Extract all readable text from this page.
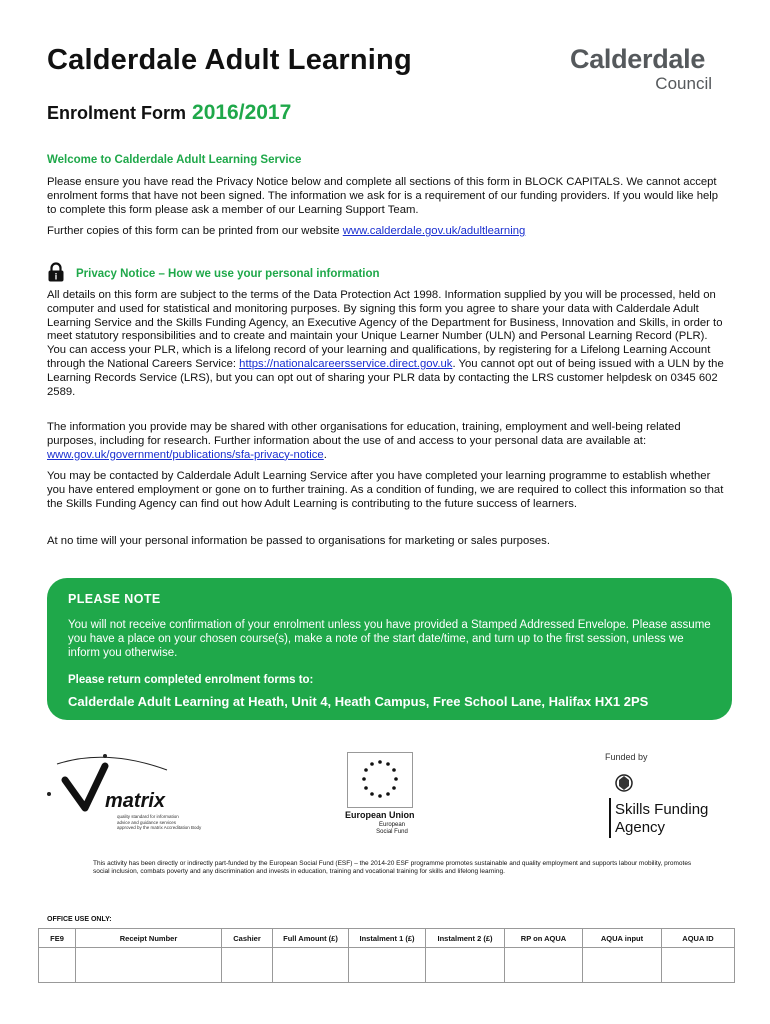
Calderdale Adult Learning
Enrolment Form 2016/2017
Calderdale
Council
Welcome to Calderdale Adult Learning Service

Please ensure you have read the Privacy Notice below and complete all sections of this form in BLOCK CAPITALS. We cannot accept enrolment forms that have not been signed. The information we ask for is a requirement of our funding providers. If you would like help to complete this form please ask a member of our Learning Support Team.

Further copies of this form can be printed from our website www.calderdale.gov.uk/adultlearning

i Privacy Notice – How we use your personal information

All details on this form are subject to the terms of the Data Protection Act 1998. Information supplied by you will be processed, held on computer and used for statistical and monitoring purposes. By signing this form you agree to share your data with Calderdale Adult Learning Service and the Skills Funding Agency, an Executive Agency of the Department for Business, Innovation and Skills, in order to meet statutory responsibilities and to create and maintain your Unique Learner Number (ULN) and Personal Learning Record (PLR). You can access your PLR, which is a lifelong record of your learning and qualifications, by registering for a Lifelong Learning Account through the National Careers Service: https://nationalcareersservice.direct.gov.uk. You cannot opt out of being issued with a ULN by the Learning Records Service (LRS), but you can opt out of sharing your PLR data by contacting the LRS customer helpdesk on 0345 602 2589.

The information you provide may be shared with other organisations for education, training, employment and well-being related purposes, including for research. Further information about the use of and access to your personal data are available at: www.gov.uk/government/publications/sfa-privacy-notice.

You may be contacted by Calderdale Adult Learning Service after you have completed your learning programme to establish whether you have entered employment or gone on to further training. As a condition of funding, we are required to collect this information so that the Skills Funding Agency can find out how Adult Learning is contributing to the future success of learners.

At no time will your personal information be passed to organisations for marketing or sales purposes.

PLEASE NOTE
You will not receive confirmation of your enrolment unless you have provided a Stamped Addressed Envelope. Please assume you have a place on your chosen course(s), make a note of the start date/time, and turn up to the first session, unless we inform you otherwise.
Please return completed enrolment forms to:
Calderdale Adult Learning at Heath, Unit 4, Heath Campus, Free School Lane, Halifax HX1 2PS
matrix
quality standard for information
advice and guidance services
approved by the matrix Accreditation Body
European Union
European
Social Fund
Funded by
Skills Funding
Agency
This activity has been directly or indirectly part-funded by the European Social Fund (ESF) – the 2014-20 ESF programme promotes sustainable and quality employment and supports labour mobility, promotes social inclusion, combats poverty and any discrimination and invests in education, training and vocational training for skills and lifelong learning.
OFFICE USE ONLY:
FE9	Receipt Number	Cashier	Full Amount (£)	Instalment 1 (£)	Instalment 2 (£)	RP on AQUA	AQUA input	AQUA ID
